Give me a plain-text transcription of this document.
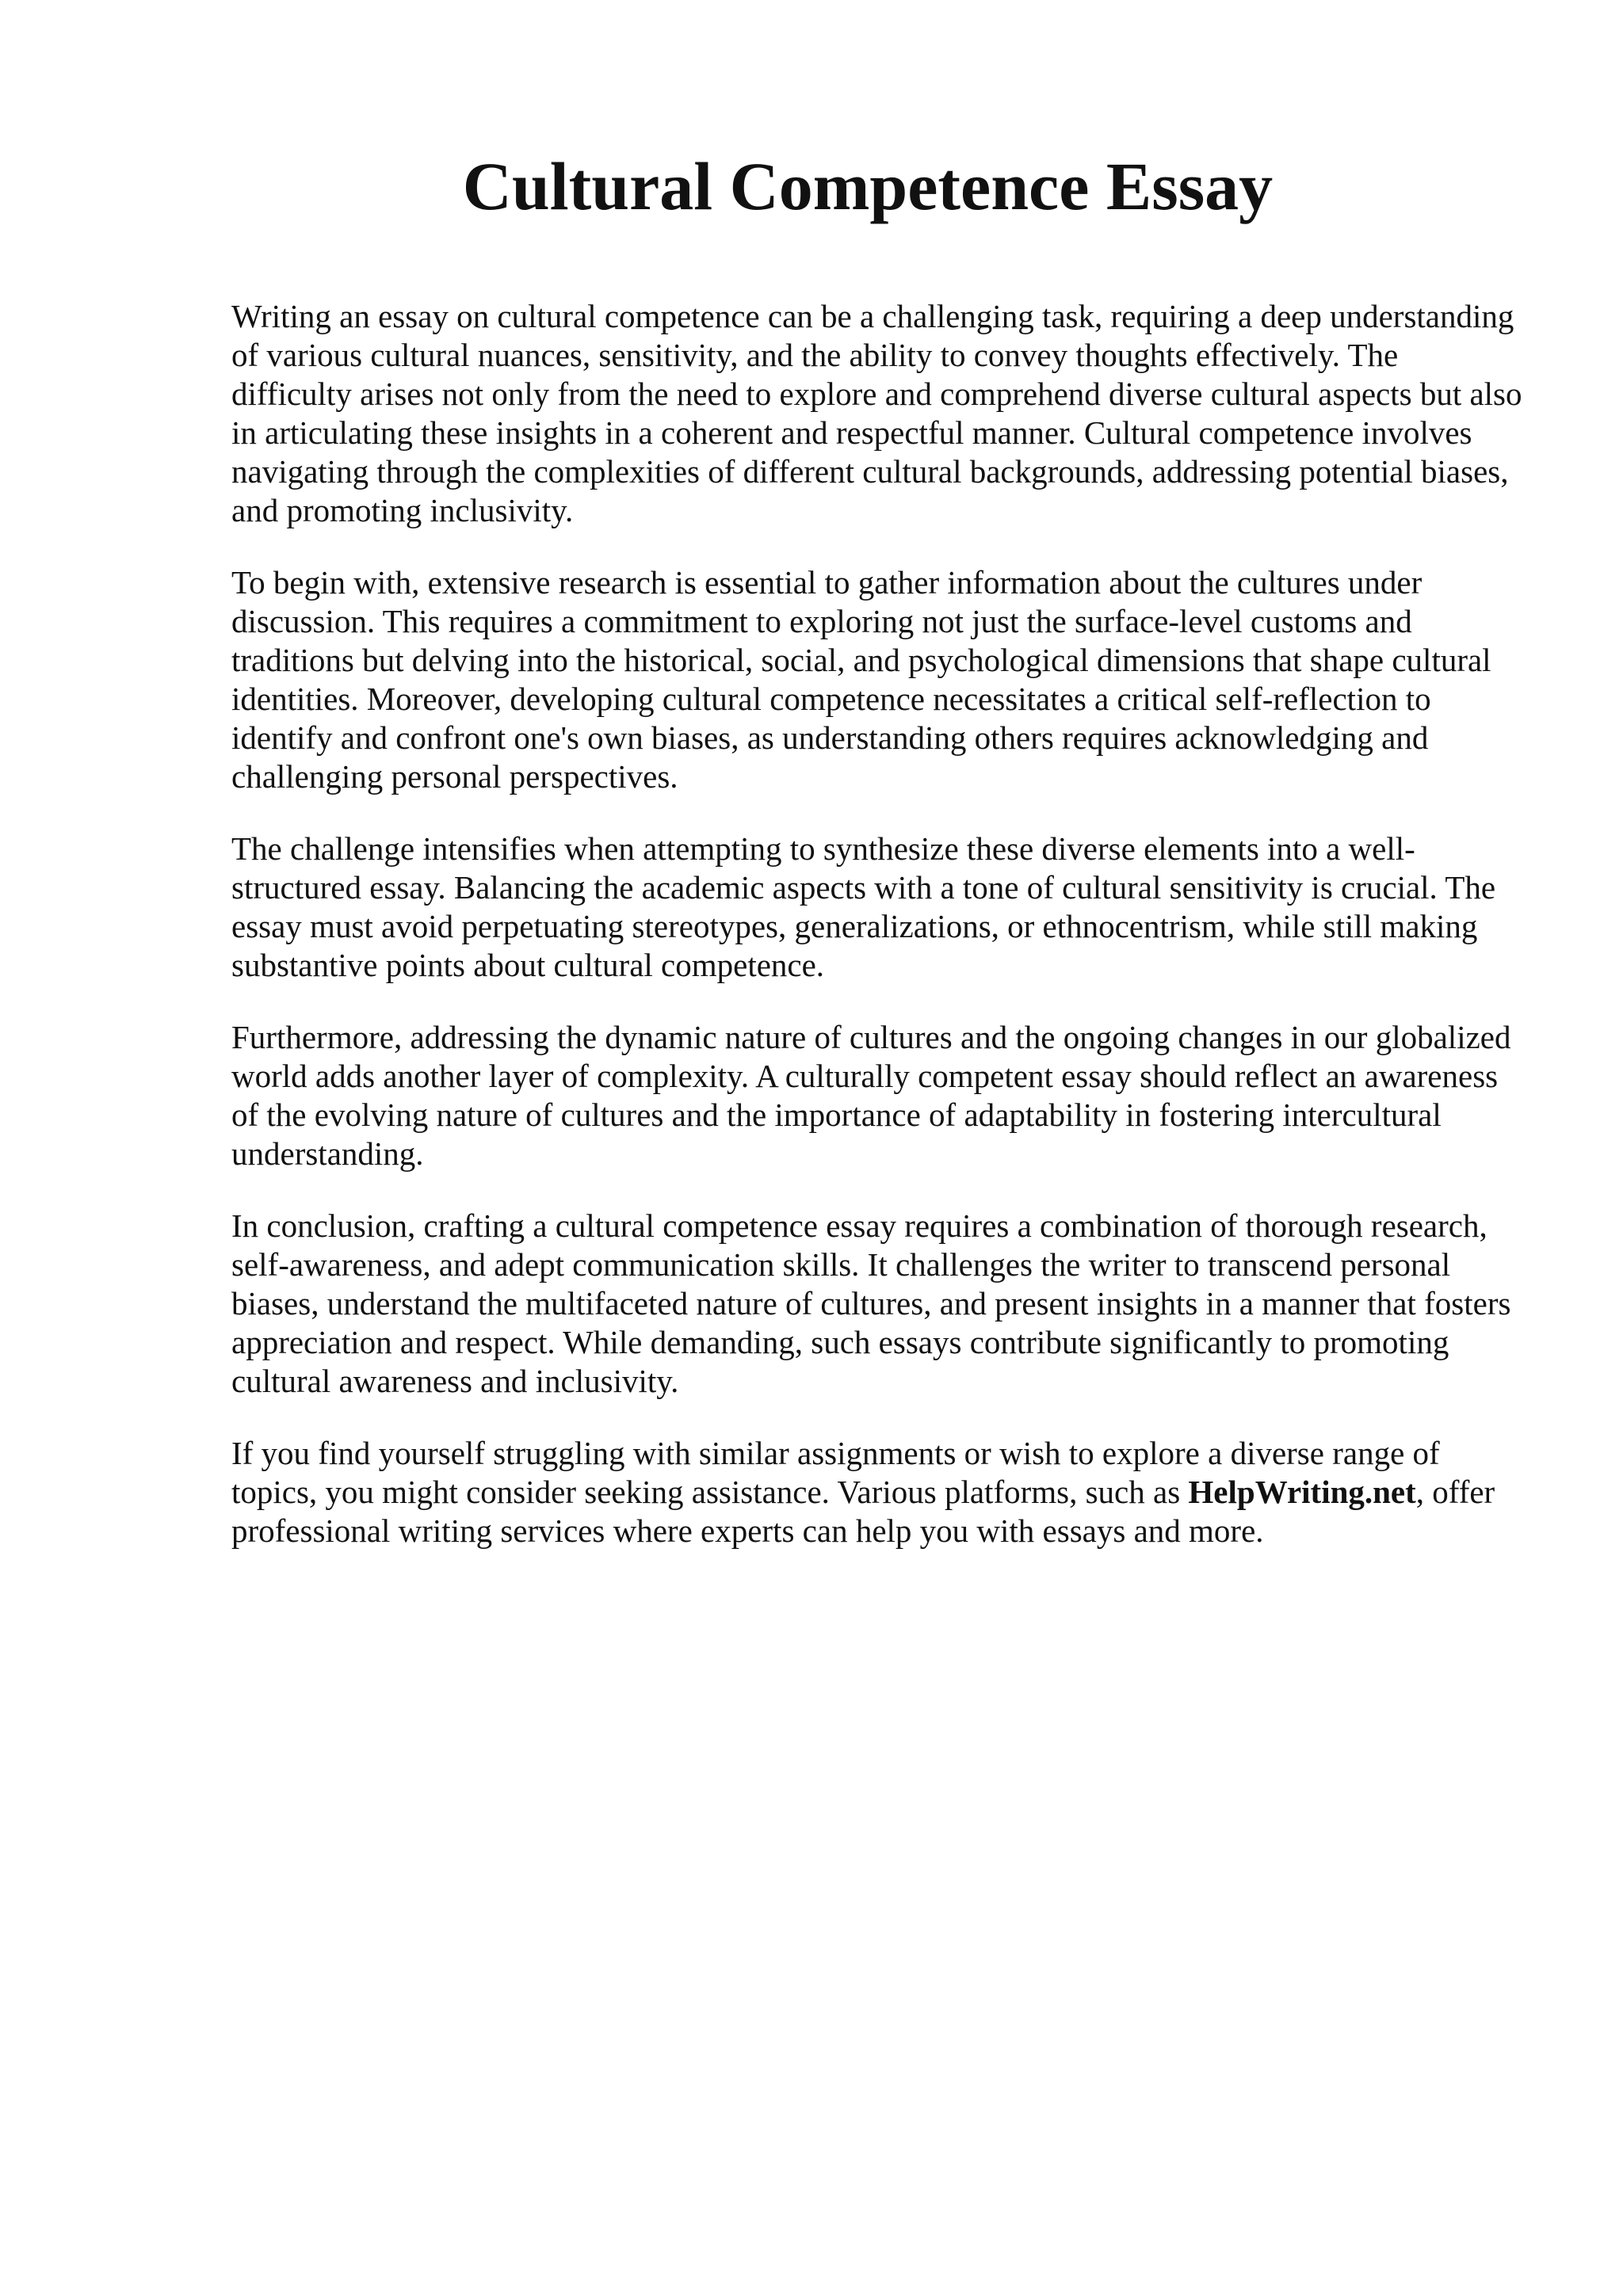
Cultural Competence Essay

Writing an essay on cultural competence can be a challenging task, requiring a deep understanding of various cultural nuances, sensitivity, and the ability to convey thoughts effectively. The difficulty arises not only from the need to explore and comprehend diverse cultural aspects but also in articulating these insights in a coherent and respectful manner. Cultural competence involves navigating through the complexities of different cultural backgrounds, addressing potential biases, and promoting inclusivity.

To begin with, extensive research is essential to gather information about the cultures under discussion. This requires a commitment to exploring not just the surface-level customs and traditions but delving into the historical, social, and psychological dimensions that shape cultural identities. Moreover, developing cultural competence necessitates a critical self-reflection to identify and confront one's own biases, as understanding others requires acknowledging and challenging personal perspectives.

The challenge intensifies when attempting to synthesize these diverse elements into a well-structured essay. Balancing the academic aspects with a tone of cultural sensitivity is crucial. The essay must avoid perpetuating stereotypes, generalizations, or ethnocentrism, while still making substantive points about cultural competence.

Furthermore, addressing the dynamic nature of cultures and the ongoing changes in our globalized world adds another layer of complexity. A culturally competent essay should reflect an awareness of the evolving nature of cultures and the importance of adaptability in fostering intercultural understanding.

In conclusion, crafting a cultural competence essay requires a combination of thorough research, self-awareness, and adept communication skills. It challenges the writer to transcend personal biases, understand the multifaceted nature of cultures, and present insights in a manner that fosters appreciation and respect. While demanding, such essays contribute significantly to promoting cultural awareness and inclusivity.

If you find yourself struggling with similar assignments or wish to explore a diverse range of topics, you might consider seeking assistance. Various platforms, such as HelpWriting.net, offer professional writing services where experts can help you with essays and more.
